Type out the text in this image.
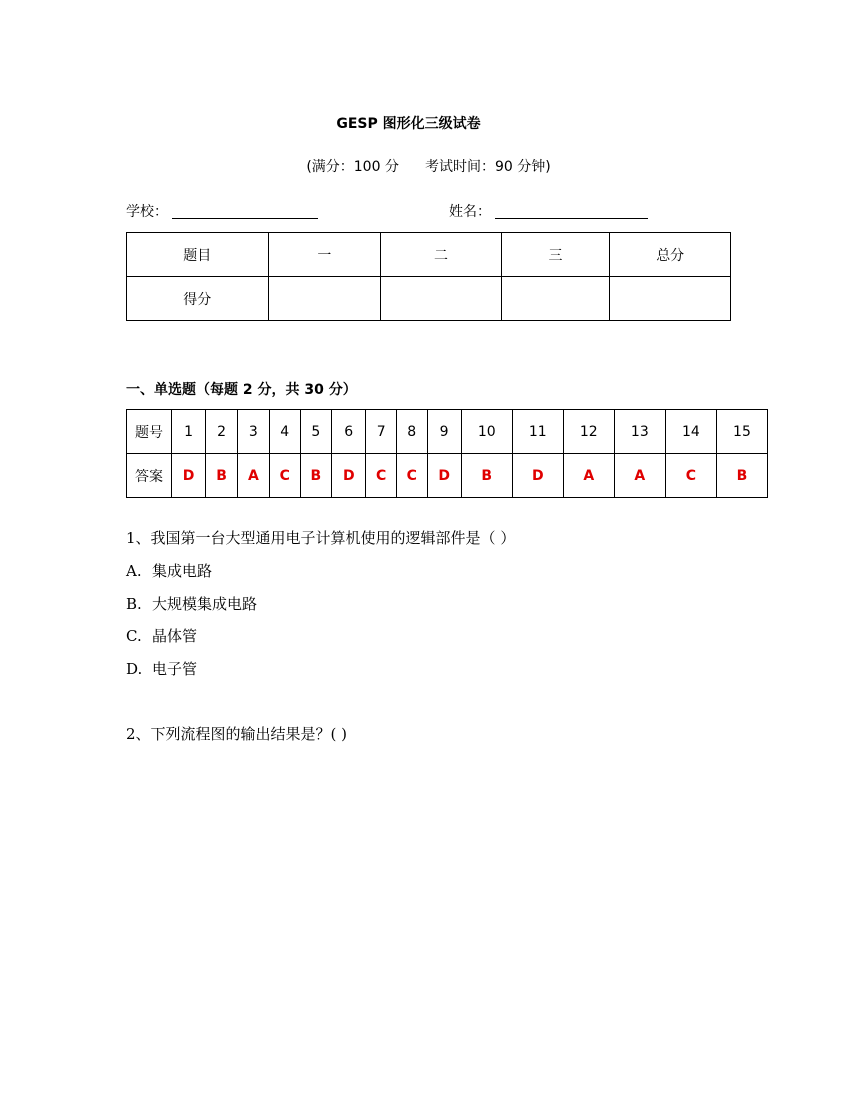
GESP 图形化三级试卷
(满分：100 分 考试时间：90 分钟)
学校：	姓名：
题目	一	二	三	总分
得分				
一、单选题（每题 2 分，共 30 分）
题号	1	2	3	4	5	6	7	8	9	10	11	12	13	14	15
答案	D	B	A	C	B	D	C	C	D	B	D	A	A	C	B
1、我国第一台大型通用电子计算机使用的逻辑部件是（ ）
A. 集成电路
B. 大规模集成电路
C. 晶体管
D. 电子管
2、下列流程图的输出结果是？( )
